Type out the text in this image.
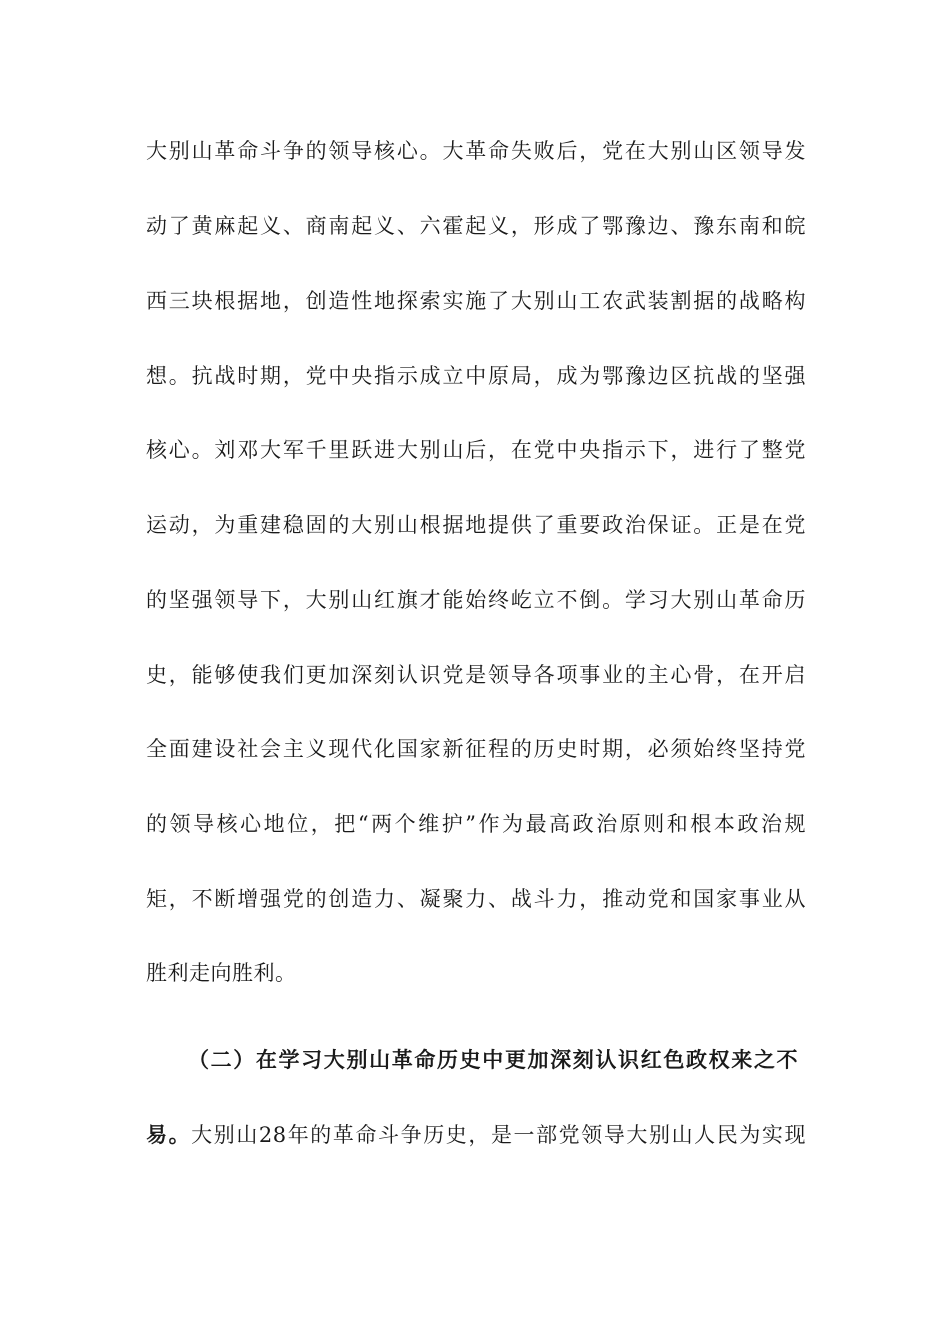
大别山革命斗争的领导核心。大革命失败后，党在大别山区领导发
动了黄麻起义、商南起义、六霍起义，形成了鄂豫边、豫东南和皖
西三块根据地，创造性地探索实施了大别山工农武装割据的战略构
想。抗战时期，党中央指示成立中原局，成为鄂豫边区抗战的坚强
核心。刘邓大军千里跃进大别山后，在党中央指示下，进行了整党
运动，为重建稳固的大别山根据地提供了重要政治保证。正是在党
的坚强领导下，大别山红旗才能始终屹立不倒。学习大别山革命历
史，能够使我们更加深刻认识党是领导各项事业的主心骨，在开启
全面建设社会主义现代化国家新征程的历史时期，必须始终坚持党
的领导核心地位，把“两个维护”作为最高政治原则和根本政治规
矩，不断增强党的创造力、凝聚力、战斗力，推动党和国家事业从
胜利走向胜利。
（二）在学习大别山革命历史中更加深刻认识红色政权来之不
易。大别山28年的革命斗争历史，是一部党领导大别山人民为实现
